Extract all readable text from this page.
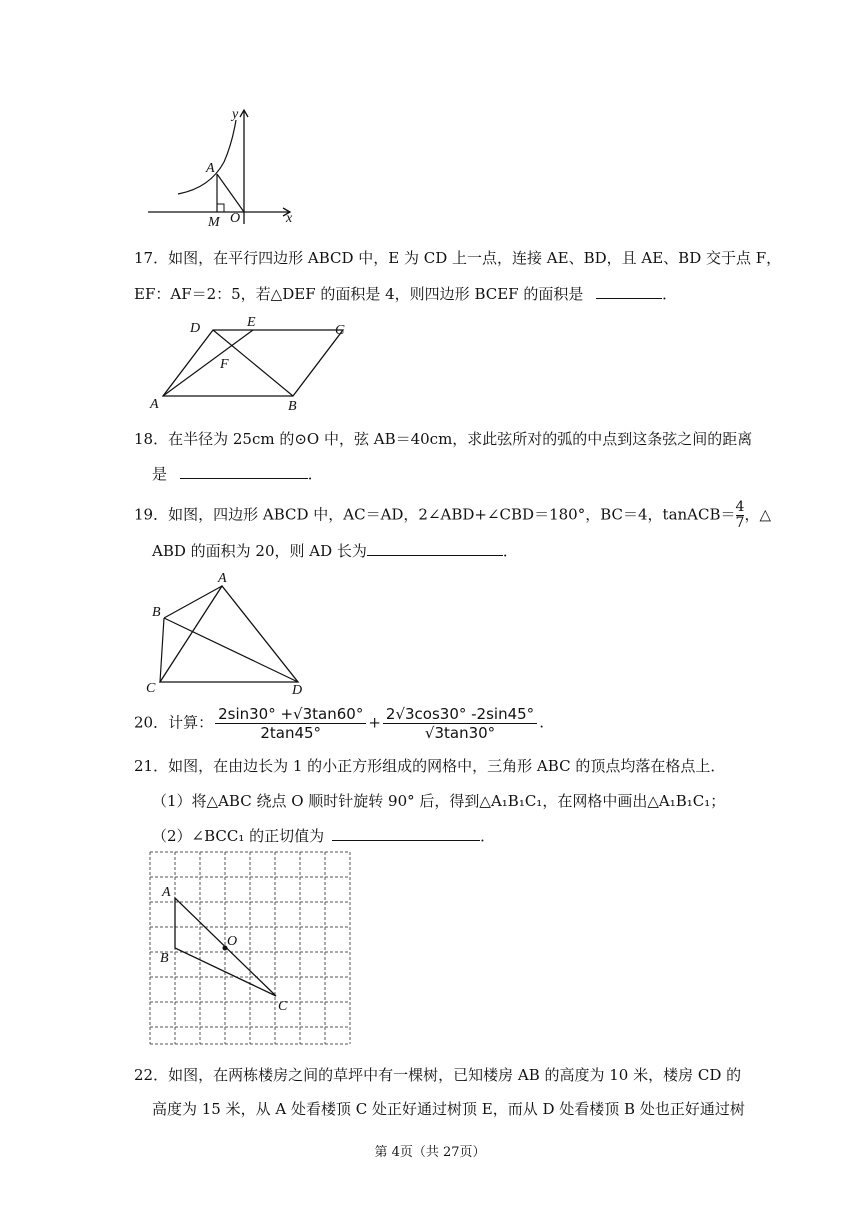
y
x
A
M O
17．如图，在平行四边形 ABCD 中，E 为 CD 上一点，连接 AE、BD，且 AE、BD 交于点 F，
EF：AF＝2：5，若△DEF 的面积是 4，则四边形 BCEF 的面积是	．
D	E
C
F
A	B
18．在半径为 25cm 的⊙O 中，弦 AB＝40cm，求此弦所对的弧的中点到这条弦之间的距离
是	．
19．如图，四边形 ABCD 中，AC＝AD，2∠ABD+∠CBD＝180°，BC＝4，tanACB＝ $\frac{4}{7}$ ，△
ABD 的面积为 20，则 AD 长为	．
A
B
C	D
20．计算： $\frac{2\sin 30^\circ +√3\tan 60^\circ}{2\tan 45^\circ} + \frac{2√3\cos 30^\circ -2\sin 45^\circ}{√3\tan 30^\circ}$ .
21．如图，在由边长为 1 的小正方形组成的网格中，三角形 ABC 的顶点均落在格点上．
（1）将△ABC 绕点 O 顺时针旋转 90° 后，得到△A₁B₁C₁，在网格中画出△A₁B₁C₁；
（2）∠BCC₁ 的正切值为	．
A
B
C
O
22．如图，在两栋楼房之间的草坪中有一棵树，已知楼房 AB 的高度为 10 米，楼房 CD 的
高度为 15 米，从 A 处看楼顶 C 处正好通过树顶 E，而从 D 处看楼顶 B 处也正好通过树
第 4页（共 27页）
